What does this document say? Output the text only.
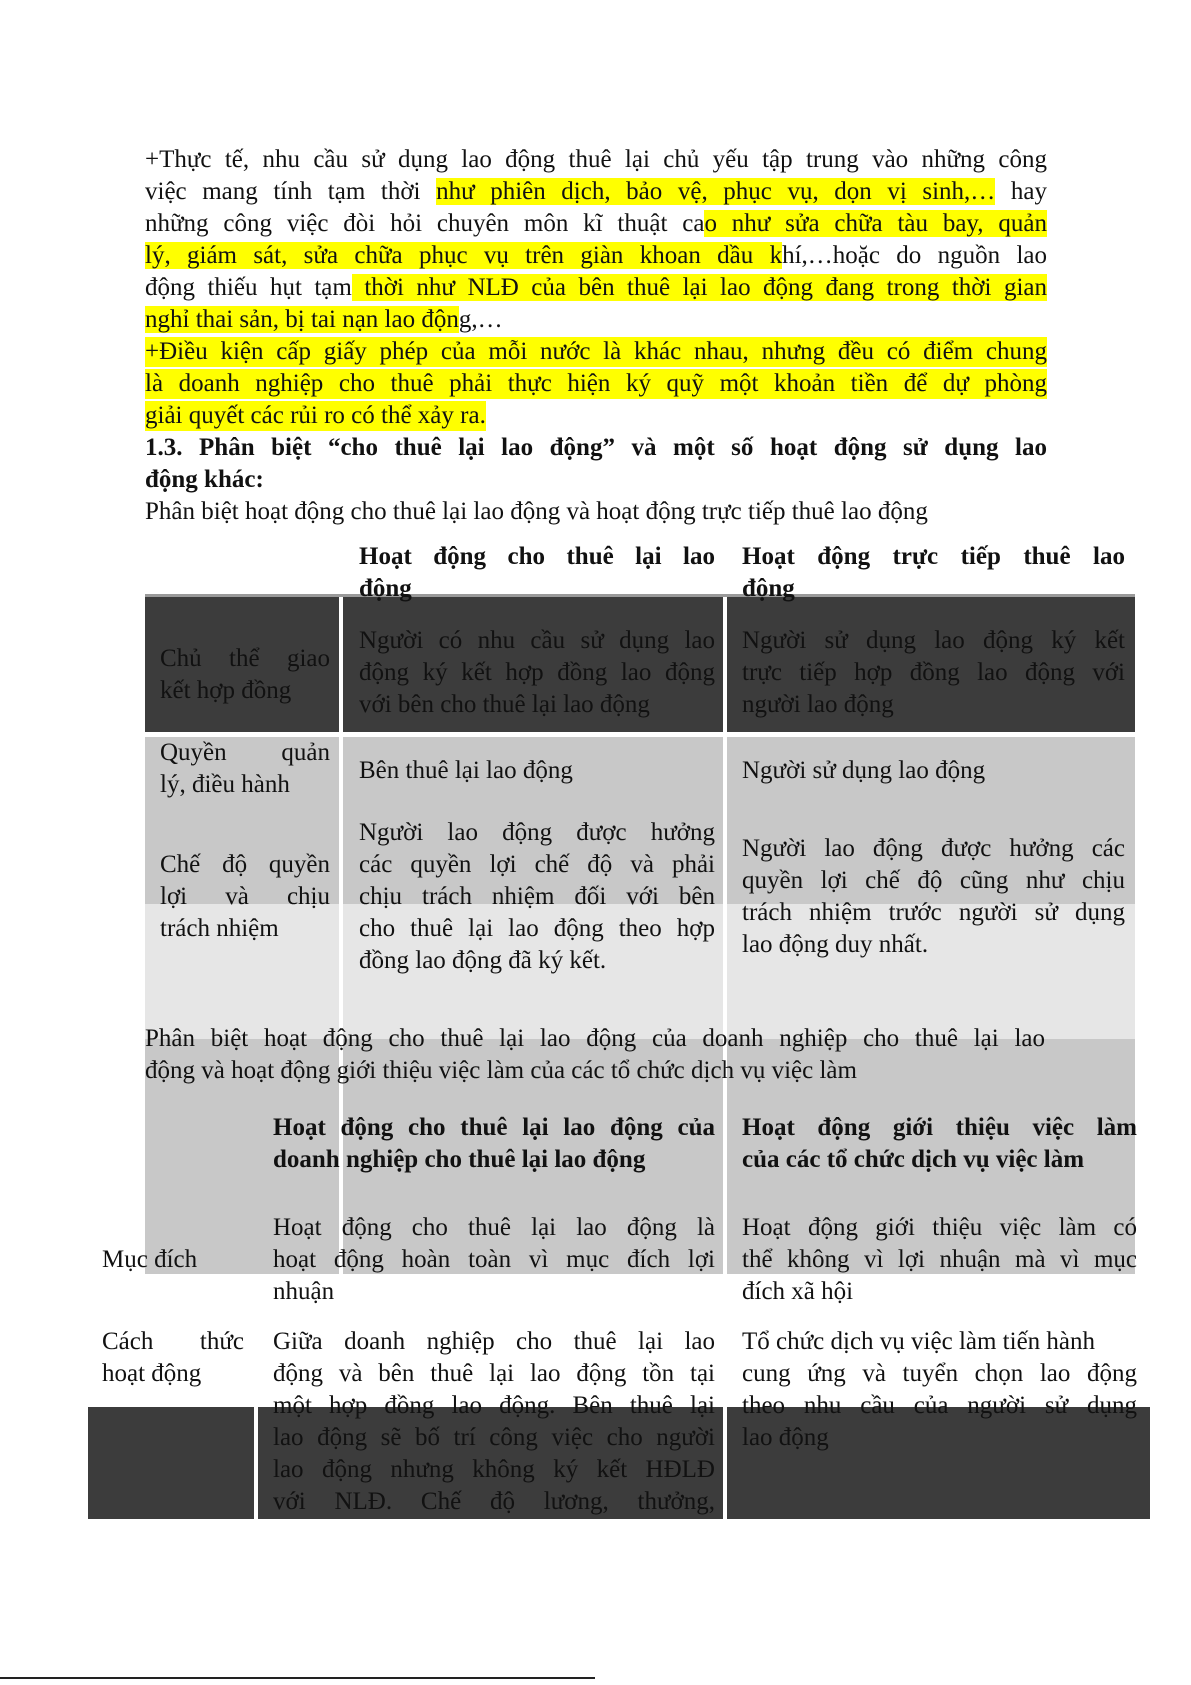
+Thực tế, nhu cầu sử dụng lao động thuê lại chủ yếu tập trung vào những công
việc mang tính tạm thời như phiên dịch, bảo vệ, phục vụ, dọn vị sinh,… hay
những công việc đòi hỏi chuyên môn kĩ thuật cao như sửa chữa tàu bay, quản
lý, giám sát, sửa chữa phục vụ trên giàn khoan dầu khí,…hoặc do nguồn lao
động thiếu hụt tạm thời như NLĐ của bên thuê lại lao động đang trong thời gian
nghỉ thai sản, bị tai nạn lao động,…
+Điều kiện cấp giấy phép của mỗi nước là khác nhau, nhưng đều có điểm chung
là doanh nghiệp cho thuê phải thực hiện ký quỹ một khoản tiền để dự phòng
giải quyết các rủi ro có thể xảy ra.
1.3. Phân biệt “cho thuê lại lao động” và một số hoạt động sử dụng lao
động khác:
Phân biệt hoạt động cho thuê lại lao động và hoạt động trực tiếp thuê lao động
Hoạt động cho thuê lại lao
động
Hoạt động trực tiếp thuê lao
động
Chủ thể giao
kết hợp đồng
Người có nhu cầu sử dụng lao
động ký kết hợp đồng lao động
với bên cho thuê lại lao động
Người sử dụng lao động ký kết
trực tiếp hợp đồng lao động với
người lao động
Quyền quản
lý, điều hành
Bên thuê lại lao động	Người sử dụng lao động
Chế độ quyền
lợi và chịu
trách nhiệm
Người lao động được hưởng
các quyền lợi chế độ và phải
chịu trách nhiệm đối với bên
cho thuê lại lao động theo hợp
đồng lao động đã ký kết.
Người lao động được hưởng các
quyền lợi chế độ cũng như chịu
trách nhiệm trước người sử dụng
lao động duy nhất.
Phân biệt hoạt động cho thuê lại lao động của doanh nghiệp cho thuê lại lao
động và hoạt động giới thiệu việc làm của các tổ chức dịch vụ việc làm
Hoạt động cho thuê lại lao động của
doanh nghiệp cho thuê lại lao động
Hoạt động giới thiệu việc làm
của các tổ chức dịch vụ việc làm
Mục đích
Hoạt động cho thuê lại lao động là
hoạt động hoàn toàn vì mục đích lợi
nhuận
Hoạt động giới thiệu việc làm có
thể không vì lợi nhuận mà vì mục
đích xã hội
Cách thức
hoạt động
Giữa doanh nghiệp cho thuê lại lao
động và bên thuê lại lao động tồn tại
một hợp đồng lao động. Bên thuê lại
lao động sẽ bố trí công việc cho người
lao động nhưng không ký kết HĐLĐ
với NLĐ. Chế độ lương, thưởng,
Tổ chức dịch vụ việc làm tiến hành
cung ứng và tuyển chọn lao động
theo nhu cầu của người sử dụng
lao động
